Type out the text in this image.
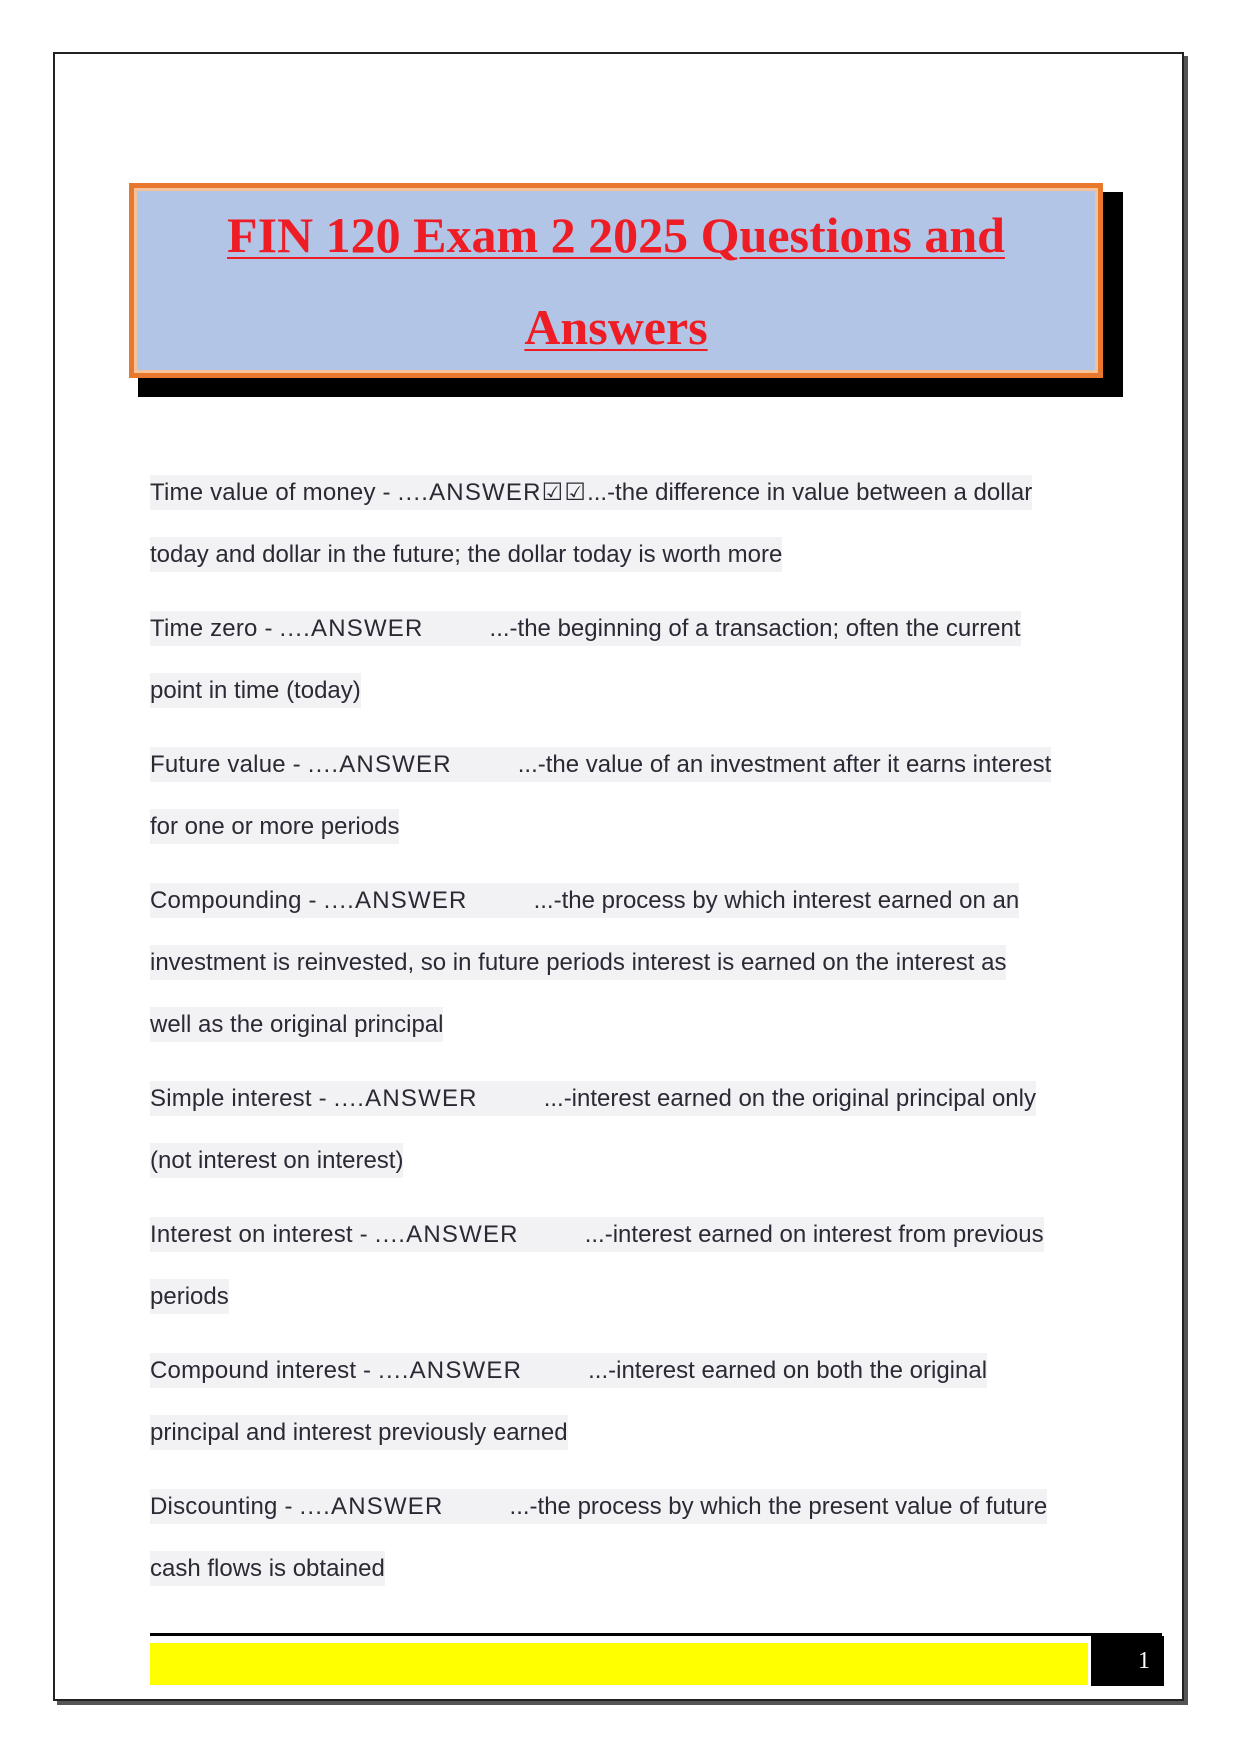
FIN 120 Exam 2 2025 Questions and
Answers
Time value of money - ....ANSWER☑☑...-the difference in value between a dollar
today and dollar in the future; the dollar today is worth more
Time zero - ....ANSWER	...-the beginning of a transaction; often the current
point in time (today)
Future value - ....ANSWER	...-the value of an investment after it earns interest
for one or more periods
Compounding - ....ANSWER	...-the process by which interest earned on an
investment is reinvested, so in future periods interest is earned on the interest as
well as the original principal
Simple interest - ....ANSWER	...-interest earned on the original principal only
(not interest on interest)
Interest on interest - ....ANSWER	...-interest earned on interest from previous
periods
Compound interest - ....ANSWER	...-interest earned on both the original
principal and interest previously earned
Discounting - ....ANSWER	...-the process by which the present value of future
cash flows is obtained
1
